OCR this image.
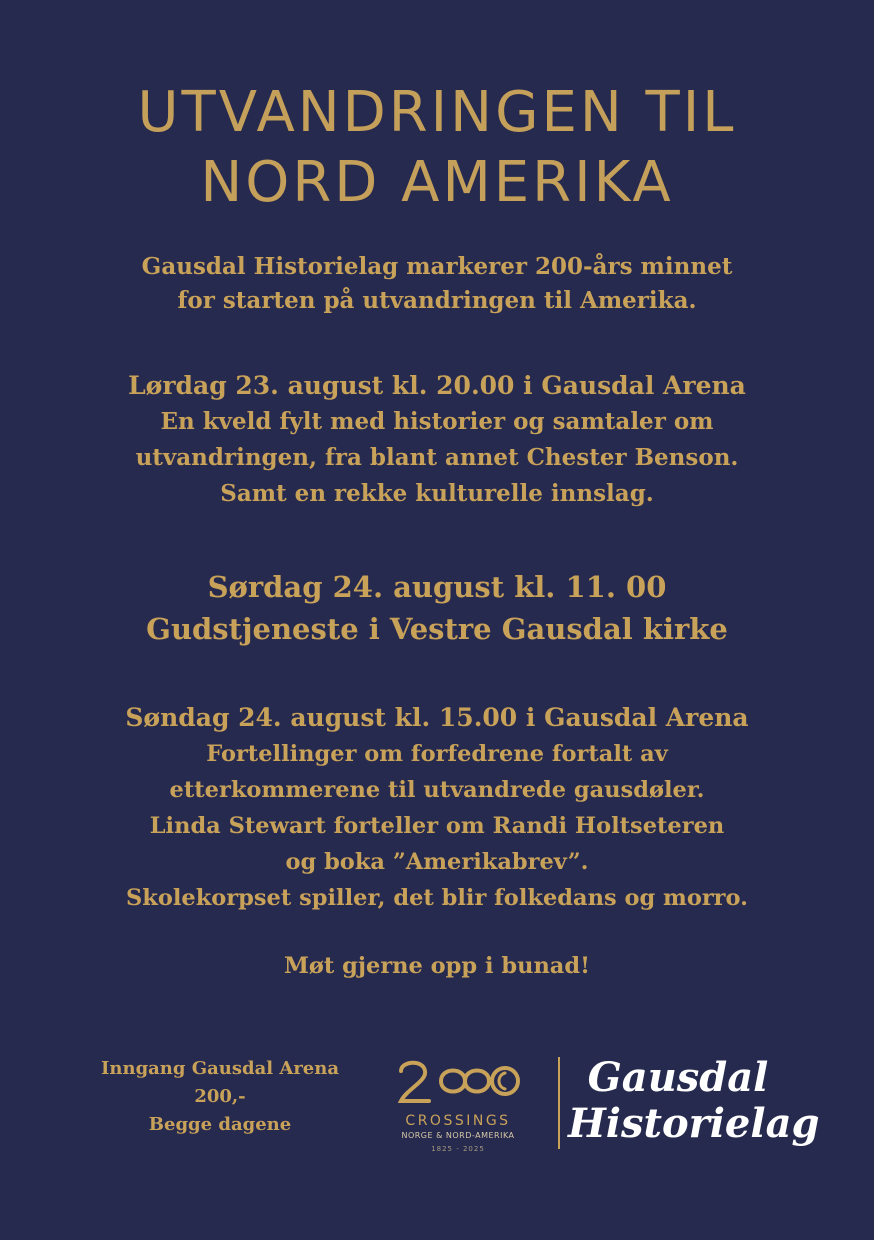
UTVANDRINGEN TIL
NORD AMERIKA
Gausdal Historielag markerer 200-års minnet
for starten på utvandringen til Amerika.
Lørdag 23. august kl. 20.00 i Gausdal Arena
En kveld fylt med historier og samtaler om
utvandringen, fra blant annet Chester Benson.
Samt en rekke kulturelle innslag.
Sørdag 24. august kl. 11. 00
Gudstjeneste i Vestre Gausdal kirke
Søndag 24. august kl. 15.00 i Gausdal Arena
Fortellinger om forfedrene fortalt av
etterkommerene til utvandrede gausdøler.
Linda Stewart forteller om Randi Holtseteren
og boka ”Amerikabrev”.
Skolekorpset spiller, det blir folkedans og morro.
Møt gjerne opp i bunad!
Inngang Gausdal Arena
200,-
Begge dagene	CROSSINGS
NORGE & NORD-AMERIKA
1825 - 2025
Gausdal
Historielag
